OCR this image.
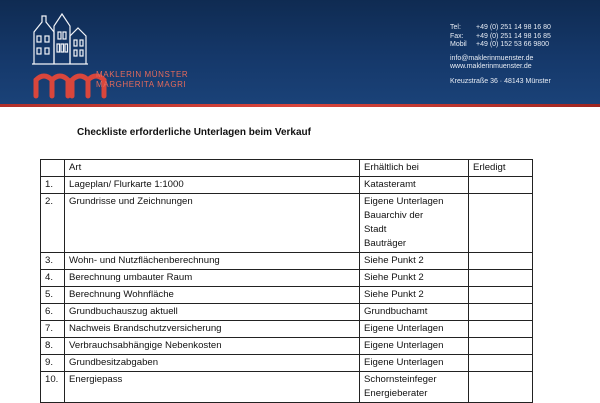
MAKLERIN MÜNSTER
MARGHERITA MAGRI
Tel:	+49 (0) 251 14 98 16 80
Fax:	+49 (0) 251 14 98 16 85
Mobil	+49 (0) 152 53 66 9800
info@maklerinmuenster.de
www.maklerinmuenster.de
Kreuzstraße 36 · 48143 Münster
Checkliste erforderliche Unterlagen beim Verkauf
	Art	Erhältlich bei	Erledigt
1.	Lageplan/ Flurkarte 1:1000	Katasteramt	

2.	Grundrisse und Zeichnungen	Eigene Unterlagen
Bauarchiv der
Stadt
Bauträger	

3.	Wohn- und Nutzflächenberechnung	Siehe Punkt 2	

4.	Berechnung umbauter Raum	Siehe Punkt 2	

5.	Berechnung Wohnfläche	Siehe Punkt 2	

6.	Grundbuchauszug aktuell	Grundbuchamt	

7.	Nachweis Brandschutzversicherung	Eigene Unterlagen	

8.	Verbrauchsabhängige Nebenkosten	Eigene Unterlagen	

9.	Grundbesitzabgaben	Eigene Unterlagen	

10.	Energiepass	Schornsteinfeger
Energieberater	
